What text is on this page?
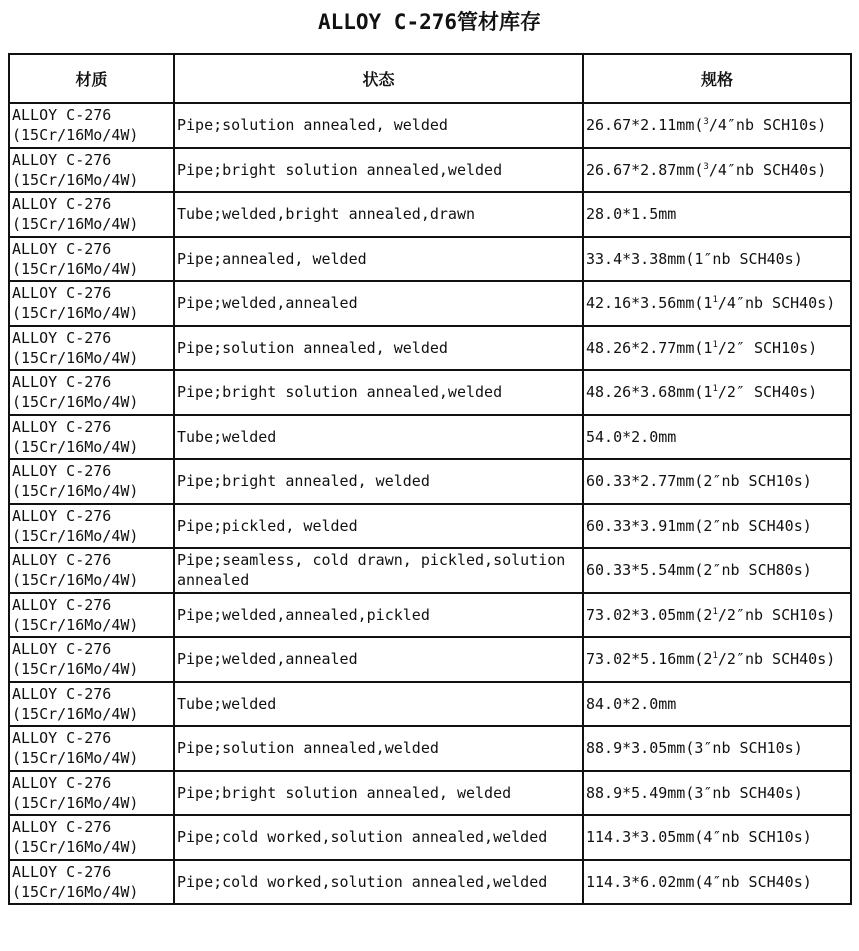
ALLOY C-276管材库存
材质	状态	规格

ALLOY C-276
(15Cr/16Mo/4W)	Pipe;solution annealed, welded	26.67*2.11mm($^3$/4″nb SCH10s)

ALLOY C-276
(15Cr/16Mo/4W)	Pipe;bright solution annealed,welded	26.67*2.87mm($^3$/4″nb SCH40s)

ALLOY C-276
(15Cr/16Mo/4W)	Tube;welded,bright annealed,drawn	28.0*1.5mm

ALLOY C-276
(15Cr/16Mo/4W)	Pipe;annealed, welded	33.4*3.38mm(1″nb SCH40s)

ALLOY C-276
(15Cr/16Mo/4W)	Pipe;welded,annealed	$42.16*3.56mm(1^1/4''nb$ SCH40s)

ALLOY C-276
(15Cr/16Mo/4W)	Pipe;solution annealed, welded	$48.26*2.77mm(1^1/2''$ SCH10s)

ALLOY C-276
(15Cr/16Mo/4W)	Pipe;bright solution annealed,welded	$48.26*3.68mm(1^1/2''$ SCH40s)

ALLOY C-276
(15Cr/16Mo/4W)	Tube;welded	54.0*2.0mm

ALLOY C-276
(15Cr/16Mo/4W)	Pipe;bright annealed, welded	60.33*2.77mm(2″nb SCH10s)

ALLOY C-276
(15Cr/16Mo/4W)	Pipe;pickled, welded	60.33*3.91mm(2″nb SCH40s)

ALLOY C-276
(15Cr/16Mo/4W)	Pipe;seamless, cold drawn, pickled,solution annealed	60.33*5.54mm(2″nb SCH80s)

ALLOY C-276
(15Cr/16Mo/4W)	Pipe;welded,annealed,pickled	$73.02*3.05mm(2^1/2''nb$ SCH10s)

ALLOY C-276
(15Cr/16Mo/4W)	Pipe;welded,annealed	$73.02*5.16mm(2^1/2''nb$ SCH40s)

ALLOY C-276
(15Cr/16Mo/4W)	Tube;welded	84.0*2.0mm

ALLOY C-276
(15Cr/16Mo/4W)	Pipe;solution annealed,welded	88.9*3.05mm(3″nb SCH10s)

ALLOY C-276
(15Cr/16Mo/4W)	Pipe;bright solution annealed, welded	88.9*5.49mm(3″nb SCH40s)

ALLOY C-276
(15Cr/16Mo/4W)	Pipe;cold worked,solution annealed,welded	114.3*3.05mm(4″nb SCH10s)

ALLOY C-276
(15Cr/16Mo/4W)	Pipe;cold worked,solution annealed,welded	114.3*6.02mm(4″nb SCH40s)
